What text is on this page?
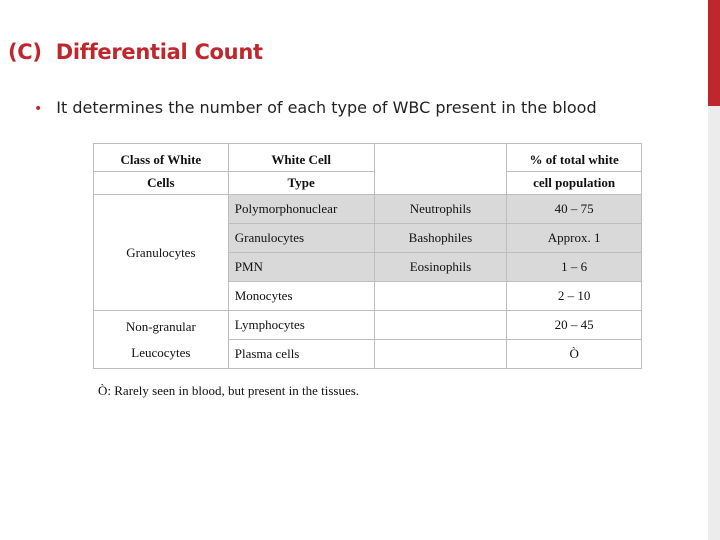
(C)  Differential Count
• It determines the number of each type of WBC present in the blood
Class of White	White Cell		% of total white
Cells	Type		cell population
Granulocytes	Polymorphonuclear	Neutrophils	40 – 75
	Granulocytes	Bashophiles	Approx. 1
	PMN	Eosinophils	1 – 6
	Monocytes		2 – 10

Non-granular
Leucocytes	Lymphocytes		20 – 45
	Plasma cells		Ò
Ò: Rarely seen in blood, but present in the tissues.
